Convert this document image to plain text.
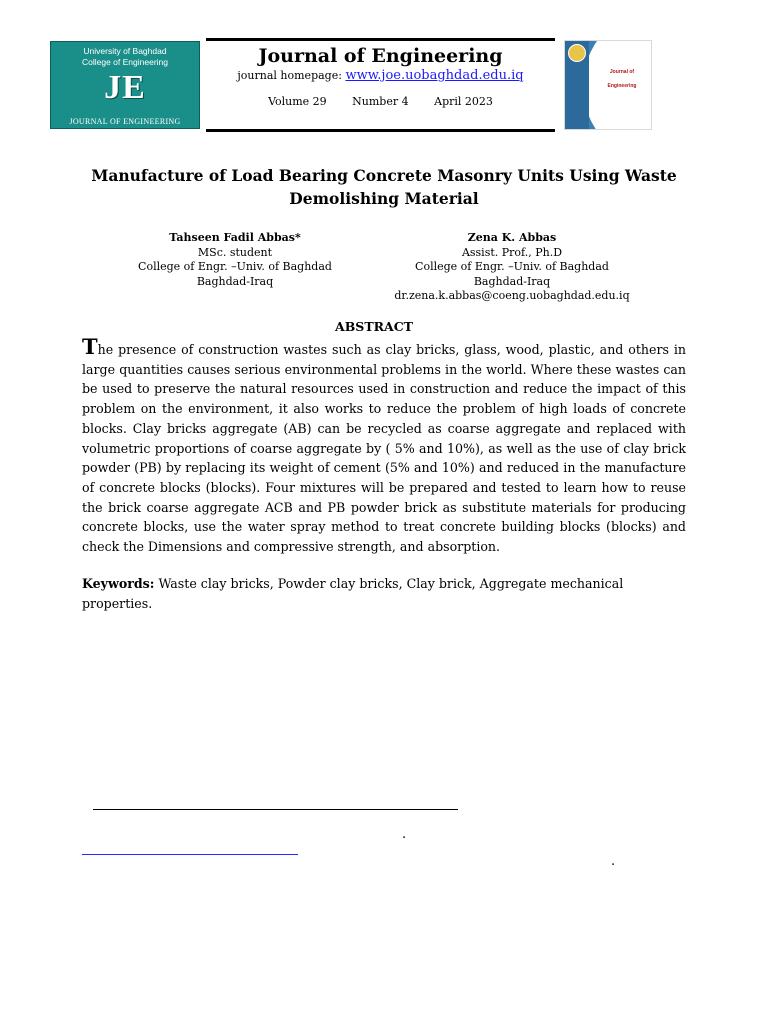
University of Baghdad
College of Engineering
JE
JOURNAL OF ENGINEERING
Journal of Engineering
journal homepage: www.joe.uobaghdad.edu.iq
Volume 29 Number 4 April 2023
Journal of Engineering
Manufacture of Load Bearing Concrete Masonry Units Using Waste Demolishing Material
Tahseen Fadil Abbas*
MSc. student
College of Engr. –Univ. of Baghdad
Baghdad-Iraq
Zena K. Abbas
Assist. Prof., Ph.D
College of Engr. –Univ. of Baghdad
Baghdad-Iraq
dr.zena.k.abbas@coeng.uobaghdad.edu.iq
ABSTRACT
The presence of construction wastes such as clay bricks, glass, wood, plastic, and others in large quantities causes serious environmental problems in the world. Where these wastes can be used to preserve the natural resources used in construction and reduce the impact of this problem on the environment, it also works to reduce the problem of high loads of concrete blocks. Clay bricks aggregate (AB) can be recycled as coarse aggregate and replaced with volumetric proportions of coarse aggregate by ( 5% and 10%), as well as the use of clay brick powder (PB) by replacing its weight of cement (5% and 10%) and reduced in the manufacture of concrete blocks (blocks). Four mixtures will be prepared and tested to learn how to reuse the brick coarse aggregate ACB and PB powder brick as substitute materials for producing concrete blocks, use the water spray method to treat concrete building blocks (blocks) and check the Dimensions and compressive strength, and absorption.
Keywords: Waste clay bricks, Powder clay bricks, Clay brick, Aggregate mechanical properties.
.
.
